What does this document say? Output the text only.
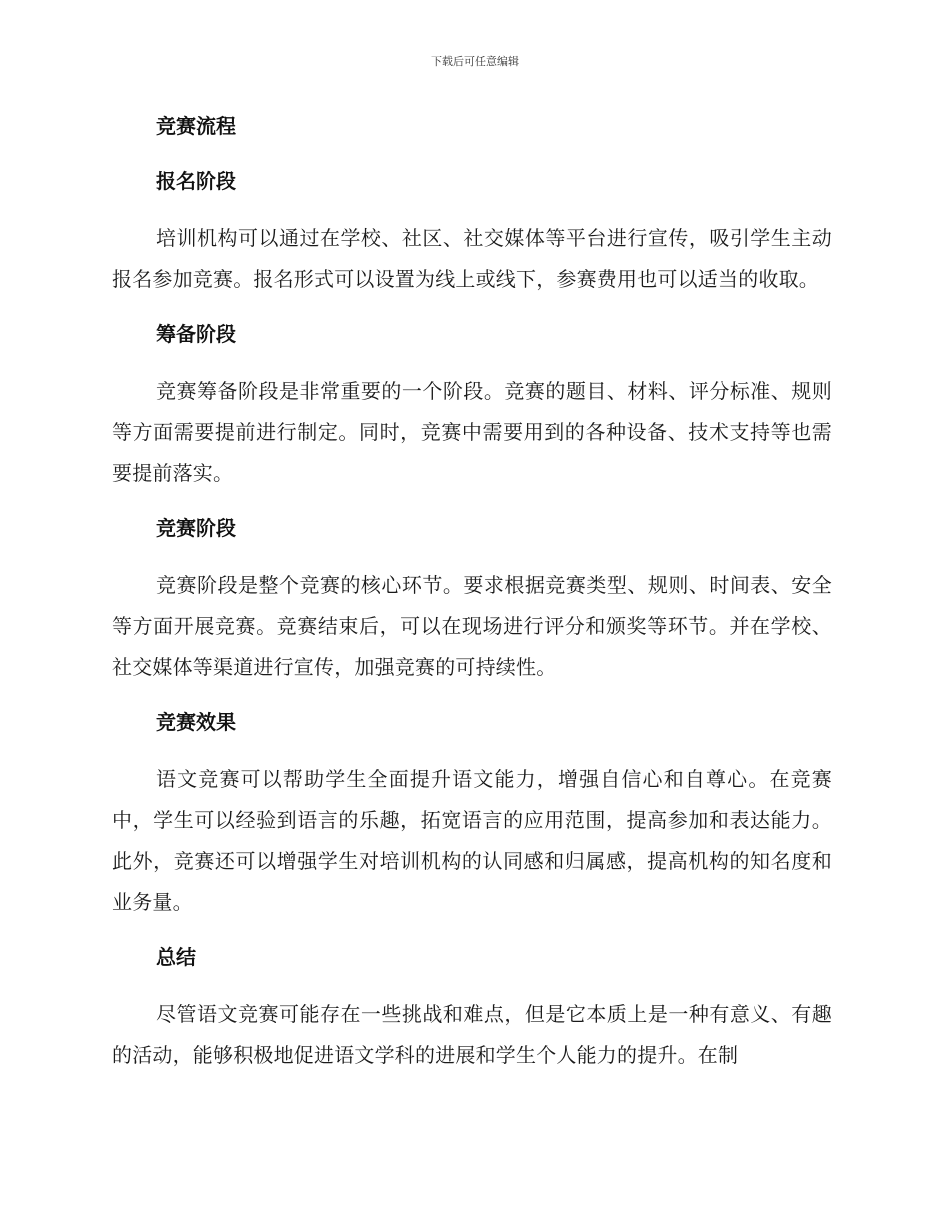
下载后可任意编辑
竞赛流程
报名阶段

培训机构可以通过在学校、社区、社交媒体等平台进行宣传，吸引学生主动报名参加竞赛。报名形式可以设置为线上或线下，参赛费用也可以适当的收取。

筹备阶段

竞赛筹备阶段是非常重要的一个阶段。竞赛的题目、材料、评分标准、规则等方面需要提前进行制定。同时，竞赛中需要用到的各种设备、技术支持等也需要提前落实。

竞赛阶段

竞赛阶段是整个竞赛的核心环节。要求根据竞赛类型、规则、时间表、安全等方面开展竞赛。竞赛结束后，可以在现场进行评分和颁奖等环节。并在学校、社交媒体等渠道进行宣传，加强竞赛的可持续性。

竞赛效果

语文竞赛可以帮助学生全面提升语文能力，增强自信心和自尊心。在竞赛中，学生可以经验到语言的乐趣，拓宽语言的应用范围，提高参加和表达能力。此外，竞赛还可以增强学生对培训机构的认同感和归属感，提高机构的知名度和业务量。

总结

尽管语文竞赛可能存在一些挑战和难点，但是它本质上是一种有意义、有趣的活动，能够积极地促进语文学科的进展和学生个人能力的提升。在制
